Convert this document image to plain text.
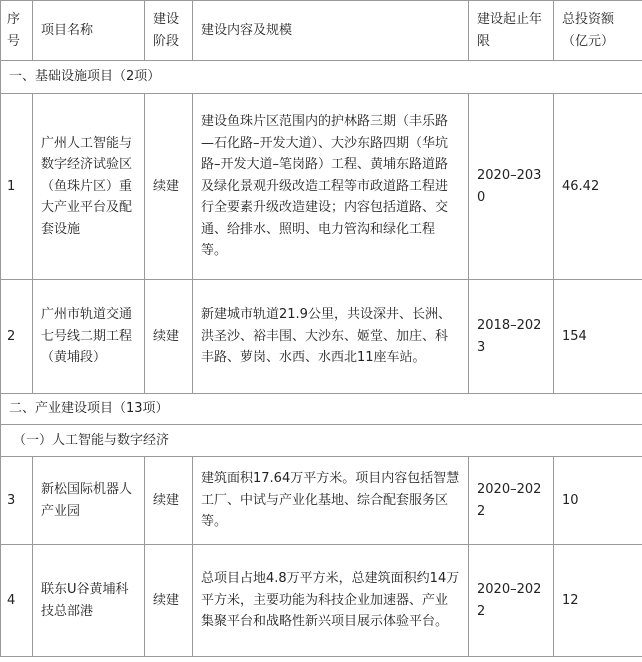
序号	项目名称	建设阶段	建设内容及规模	建设起止年限	总投资额（亿元）
一、基础设施项目（2项）					
1	广州人工智能与数字经济试验区（鱼珠片区）重大产业平台及配套设施	续建	建设鱼珠片区范围内的护林路三期（丰乐路—石化路–开发大道）、大沙东路四期（华坑路–开发大道–笔岗路）工程、黄埔东路道路及绿化景观升级改造工程等市政道路工程进行全要素升级改造建设；内容包括道路、交通、给排水、照明、电力管沟和绿化工程等。	2020–2030	46.42
2	广州市轨道交通七号线二期工程（黄埔段）	续建	新建城市轨道21.9公里，共设深井、长洲、洪圣沙、裕丰围、大沙东、姬堂、加庄、科丰路、萝岗、水西、水西北11座车站。	2018–2023	154
二、产业建设项目（13项）					
（一）人工智能与数字经济					
3	新松国际机器人产业园	续建	建筑面积17.64万平方米。项目内容包括智慧工厂、中试与产业化基地、综合配套服务区等。	2020–2022	10
4	联东U谷黄埔科技总部港	续建	总项目占地4.8万平方米，总建筑面积约14万平方米，主要功能为科技企业加速器、产业集聚平台和战略性新兴项目展示体验平台。	2020–2022	12
